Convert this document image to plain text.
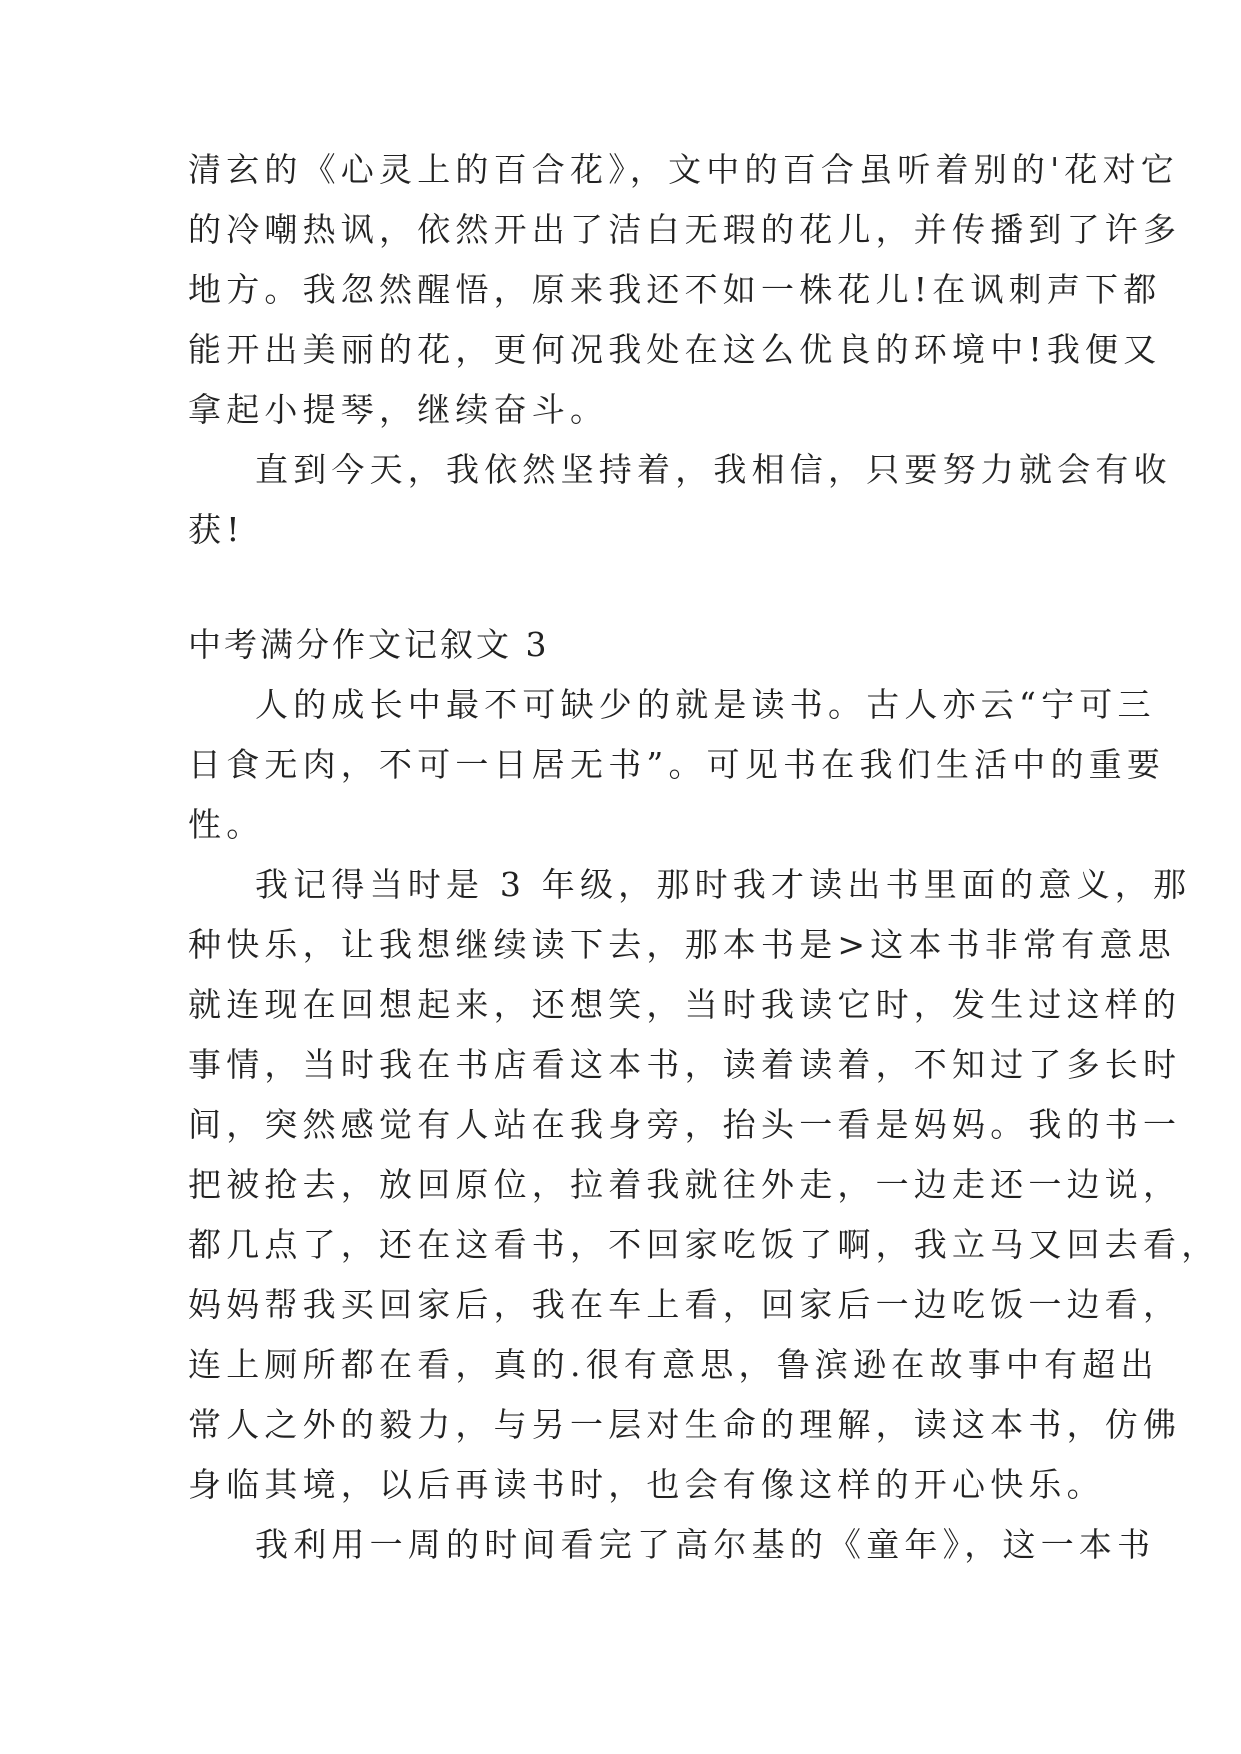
清玄的《心灵上的百合花》，文中的百合虽听着别的'花对它
的冷嘲热讽，依然开出了洁白无瑕的花儿，并传播到了许多
地方。我忽然醒悟，原来我还不如一株花儿!在讽刺声下都
能开出美丽的花，更何况我处在这么优良的环境中!我便又
拿起小提琴，继续奋斗。
直到今天，我依然坚持着，我相信，只要努力就会有收
获!
中考满分作文记叙文 3
人的成长中最不可缺少的就是读书。古人亦云“宁可三
日食无肉，不可一日居无书”。可见书在我们生活中的重要
性。
我记得当时是 3 年级，那时我才读出书里面的意义，那
种快乐，让我想继续读下去，那本书是>这本书非常有意思
就连现在回想起来，还想笑，当时我读它时，发生过这样的
事情，当时我在书店看这本书，读着读着，不知过了多长时
间，突然感觉有人站在我身旁，抬头一看是妈妈。我的书一
把被抢去，放回原位，拉着我就往外走，一边走还一边说，
都几点了，还在这看书，不回家吃饭了啊，我立马又回去看，
妈妈帮我买回家后，我在车上看，回家后一边吃饭一边看，
连上厕所都在看，真的.很有意思，鲁滨逊在故事中有超出
常人之外的毅力，与另一层对生命的理解，读这本书，仿佛
身临其境，以后再读书时，也会有像这样的开心快乐。
我利用一周的时间看完了高尔基的《童年》，这一本书
